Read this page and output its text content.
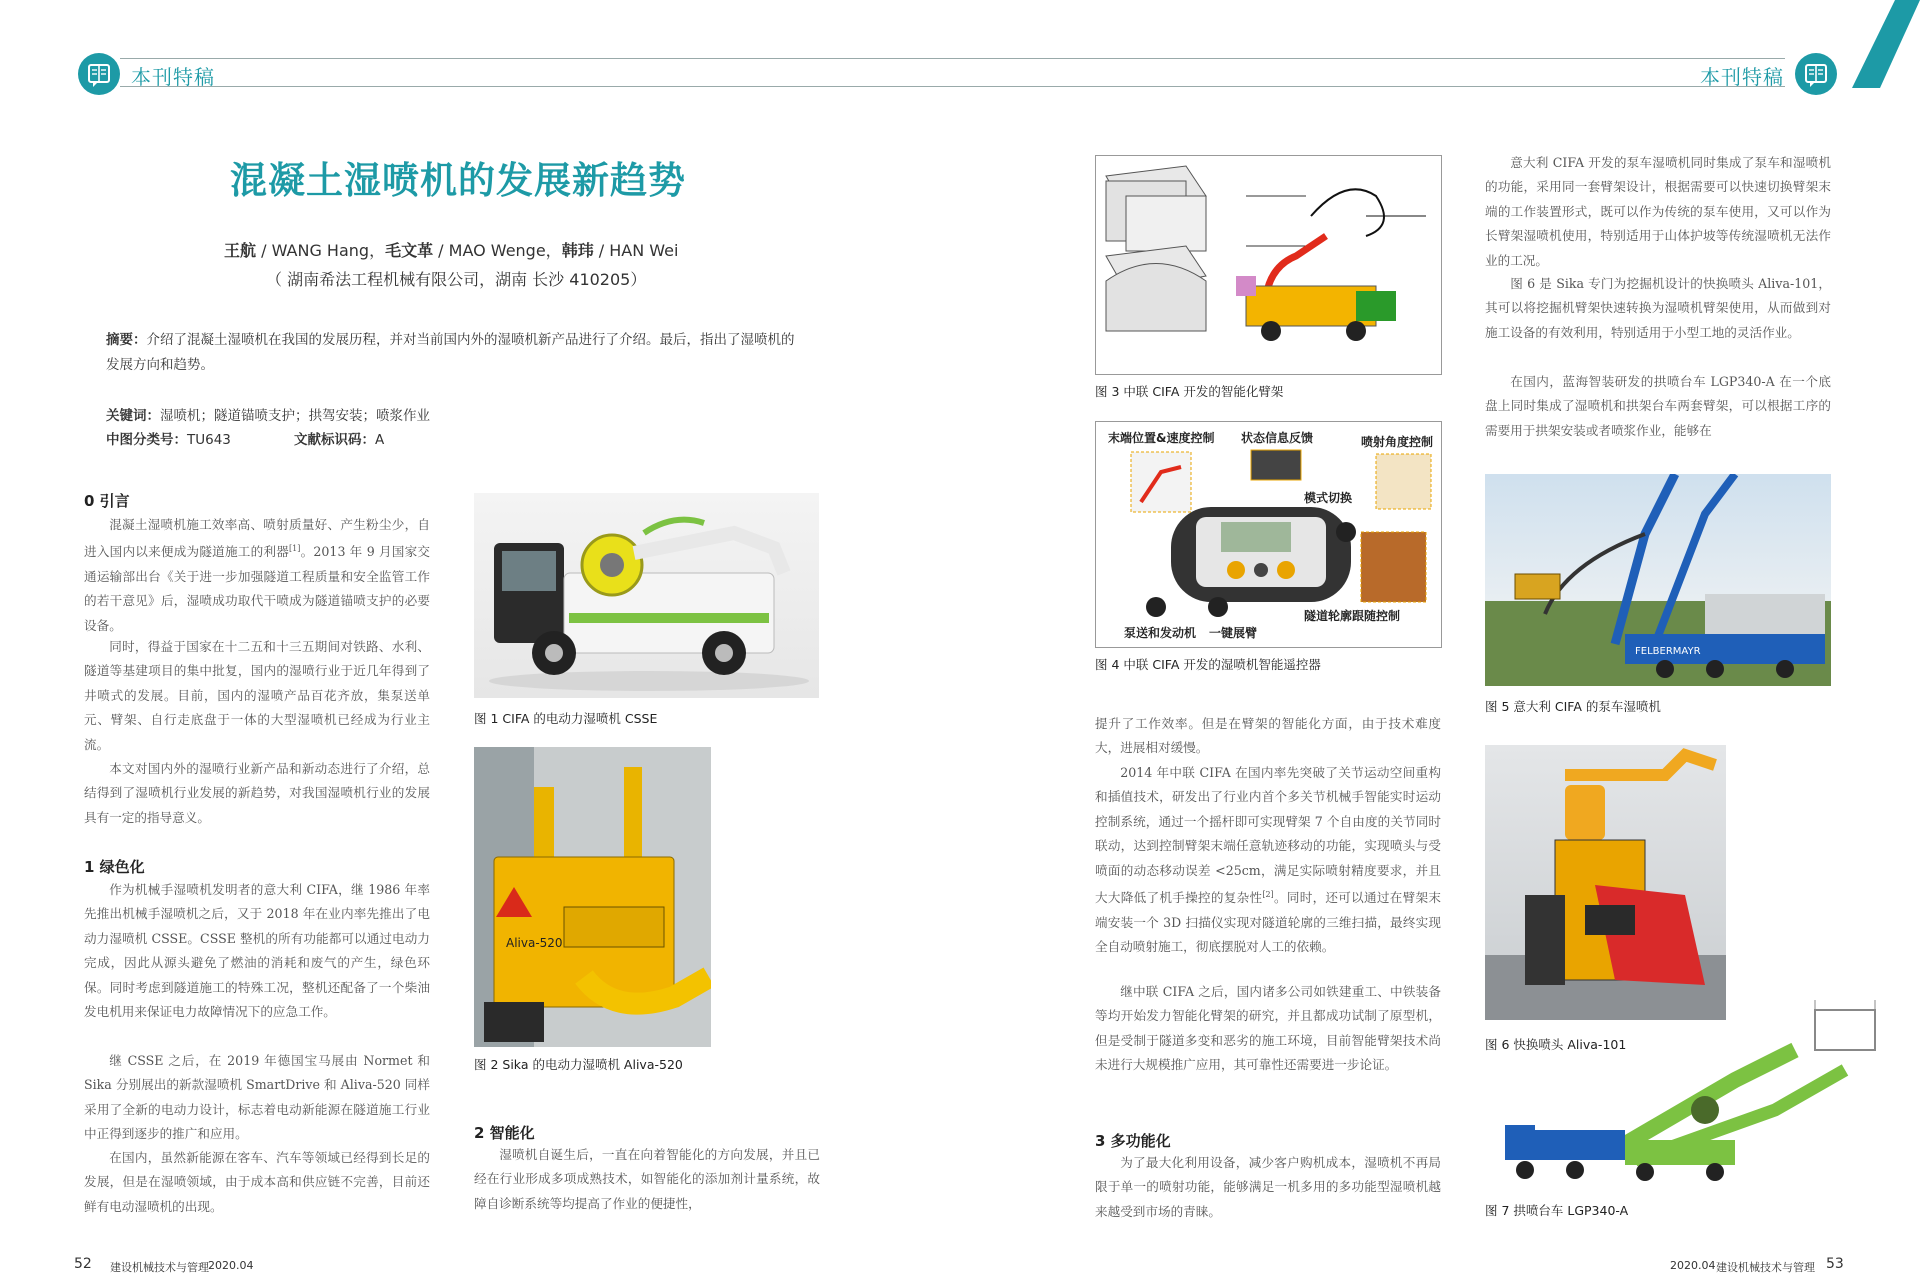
本刊特稿	本刊特稿
混凝土湿喷机的发展新趋势
王航 / WANG Hang，毛文革 / MAO Wenge，韩玮 / HAN Wei
（ 湖南希法工程机械有限公司，湖南 长沙 410205）
摘要：介绍了混凝土湿喷机在我国的发展历程，并对当前国内外的湿喷机新产品进行了介绍。最后，指出了湿喷机的发展方向和趋势。
关键词：湿喷机；隧道锚喷支护；拱驾安装；喷浆作业
中图分类号：TU643	文献标识码：A
0 引言

混凝土湿喷机施工效率高、喷射质量好、产生粉尘少，自进入国内以来便成为隧道施工的利器[1]。2013 年 9 月国家交通运输部出台《关于进一步加强隧道工程质量和安全监管工作的若干意见》后，湿喷成功取代干喷成为隧道锚喷支护的必要设备。

同时，得益于国家在十二五和十三五期间对铁路、水利、隧道等基建项目的集中批复，国内的湿喷行业于近几年得到了井喷式的发展。目前，国内的湿喷产品百花齐放，集泵送单元、臂架、自行走底盘于一体的大型湿喷机已经成为行业主流。

本文对国内外的湿喷行业新产品和新动态进行了介绍，总结得到了湿喷机行业发展的新趋势，对我国湿喷机行业的发展具有一定的指导意义。

1 绿色化

作为机械手湿喷机发明者的意大利 CIFA，继 1986 年率先推出机械手湿喷机之后，又于 2018 年在业内率先推出了电动力湿喷机 CSSE。CSSE 整机的所有功能都可以通过电动力完成，因此从源头避免了燃油的消耗和废气的产生，绿色环保。同时考虑到隧道施工的特殊工况，整机还配备了一个柴油发电机用来保证电力故障情况下的应急工作。

继 CSSE 之后，在 2019 年德国宝马展由 Normet 和 Sika 分别展出的新款湿喷机 SmartDrive 和 Aliva-520 同样采用了全新的电动力设计，标志着电动新能源在隧道施工行业中正得到逐步的推广和应用。

在国内，虽然新能源在客车、汽车等领域已经得到长足的发展，但是在湿喷领域，由于成本高和供应链不完善，目前还鲜有电动湿喷机的出现。

图 1 CIFA 的电动力湿喷机 CSSE
Aliva-520
图 2 Sika 的电动力湿喷机 Aliva-520
2 智能化

湿喷机自诞生后，一直在向着智能化的方向发展，并且已经在行业形成多项成熟技术，如智能化的添加剂计量系统，故障自诊断系统等均提高了作业的便捷性，

图 3 中联 CIFA 开发的智能化臂架
末端位置&速度控制 状态信息反馈	喷射角度控制
模式切换
泵送和发动机 一键展臂
隧道轮廓跟随控制
图 4 中联 CIFA 开发的湿喷机智能遥控器

提升了工作效率。但是在臂架的智能化方面，由于技术难度大，进展相对缓慢。

2014 年中联 CIFA 在国内率先突破了关节运动空间重构和插值技术，研发出了行业内首个多关节机械手智能实时运动控制系统，通过一个摇杆即可实现臂架 7 个自由度的关节同时联动，达到控制臂架末端任意轨迹移动的功能，实现喷头与受喷面的动态移动误差 <25cm，满足实际喷射精度要求，并且大大降低了机手操控的复杂性[2]。同时，还可以通过在臂架末端安装一个 3D 扫描仪实现对隧道轮廓的三维扫描，最终实现全自动喷射施工，彻底摆脱对人工的依赖。

继中联 CIFA 之后，国内诸多公司如铁建重工、中铁装备等均开始发力智能化臂架的研究，并且都成功试制了原型机，但是受制于隧道多变和恶劣的施工环境，目前智能臂架技术尚未进行大规模推广应用，其可靠性还需要进一步论证。

3 多功能化

为了最大化利用设备，减少客户购机成本，湿喷机不再局限于单一的喷射功能，能够满足一机多用的多功能型湿喷机越来越受到市场的青睐。

意大利 CIFA 开发的泵车湿喷机同时集成了泵车和湿喷机的功能，采用同一套臂架设计，根据需要可以快速切换臂架末端的工作装置形式，既可以作为传统的泵车使用，又可以作为长臂架湿喷机使用，特别适用于山体护坡等传统湿喷机无法作业的工况。

图 6 是 Sika 专门为挖掘机设计的快换喷头 Aliva-101，其可以将挖掘机臂架快速转换为湿喷机臂架使用，从而做到对施工设备的有效利用，特别适用于小型工地的灵活作业。

在国内，蓝海智装研发的拱喷台车 LGP340-A 在一个底盘上同时集成了湿喷机和拱架台车两套臂架，可以根据工序的需要用于拱架安装或者喷浆作业，能够在

FELBERMAYR
图 5 意大利 CIFA 的泵车湿喷机
图 6 快换喷头 Aliva-101
图 7 拱喷台车 LGP340-A
52 建设机械技术与管理 2020.04	2020.04 建设机械技术与管理 53
